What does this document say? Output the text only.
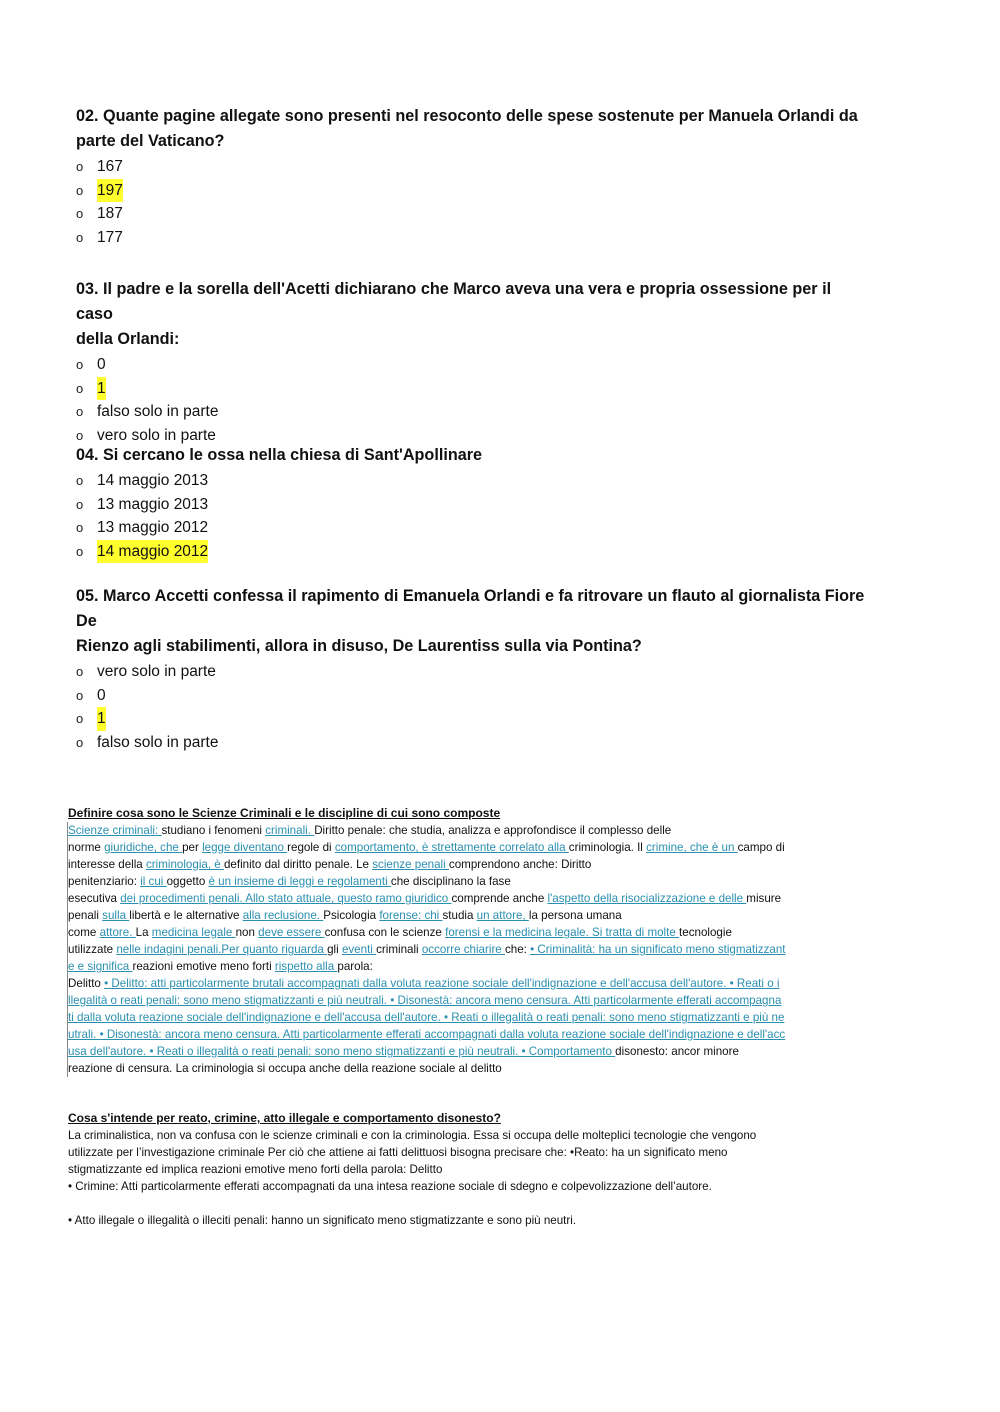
02. Quante pagine allegate sono presenti nel resoconto delle spese sostenute per Manuela Orlandi da
parte del Vaticano?

o 167
o 197
o 187
o 177

03. Il padre e la sorella dell'Acetti dichiarano che Marco aveva una vera e propria ossessione per il caso
della Orlandi:

o 0
o 1
o falso solo in parte
o vero solo in parte

04. Si cercano le ossa nella chiesa di Sant'Apollinare

o 14 maggio 2013
o 13 maggio 2013
o 13 maggio 2012
o 14 maggio 2012

05. Marco Accetti confessa il rapimento di Emanuela Orlandi e fa ritrovare un flauto al giornalista Fiore De
Rienzo agli stabilimenti, allora in disuso, De Laurentiss sulla via Pontina?

o vero solo in parte
o 0
o 1
o falso solo in parte

Definire cosa sono le Scienze Criminali e le discipline di cui sono composte

Scienze criminali: studiano i fenomeni criminali. Diritto penale: che studia, analizza e approfondisce il complesso delle
norme giuridiche, che per legge diventano regole di comportamento, è strettamente correlato alla criminologia. Il crimine, che è un campo di
interesse della criminologia, è definito dal diritto penale. Le scienze penali comprendono anche: Diritto
penitenziario: il cui oggetto è un insieme di leggi e regolamenti che disciplinano la fase
esecutiva dei procedimenti penali. Allo stato attuale, questo ramo giuridico comprende anche l'aspetto della risocializzazione e delle misure
penali sulla libertà e le alternative alla reclusione. Psicologia forense: chi studia un attore, la persona umana
come attore. La medicina legale non deve essere confusa con le scienze forensi e la medicina legale. Si tratta di molte tecnologie
utilizzate nelle indagini penali.Per quanto riguarda gli eventi criminali occorre chiarire che: • Criminalità: ha un significato meno stigmatizzant
e e significa reazioni emotive meno forti rispetto alla parola:
Delitto • Delitto: atti particolarmente brutali accompagnati dalla voluta reazione sociale dell'indignazione e dell'accusa dell'autore. • Reati o i
llegalità o reati penali: sono meno stigmatizzanti e più neutrali. • Disonestà: ancora meno censura. Atti particolarmente efferati accompagna
ti dalla voluta reazione sociale dell'indignazione e dell'accusa dell'autore. • Reati o illegalità o reati penali: sono meno stigmatizzanti e più ne
utrali. • Disonestà: ancora meno censura. Atti particolarmente efferati accompagnati dalla voluta reazione sociale dell'indignazione e dell'acc
usa dell'autore. • Reati o illegalità o reati penali: sono meno stigmatizzanti e più neutrali. • Comportamento disonesto: ancor minore
reazione di censura. La criminologia si occupa anche della reazione sociale al delitto

Cosa s'intende per reato, crimine, atto illegale e comportamento disonesto?

La criminalistica, non va confusa con le scienze criminali e con la criminologia. Essa si occupa delle molteplici tecnologie che vengono
utilizzate per l’investigazione criminale Per ciò che attiene ai fatti delittuosi bisogna precisare che: •Reato: ha un significato meno
stigmatizzante ed implica reazioni emotive meno forti della parola: Delitto
• Crimine: Atti particolarmente efferati accompagnati da una intesa reazione sociale di sdegno e colpevolizzazione dell’autore.
• Atto illegale o illegalità o illeciti penali: hanno un significato meno stigmatizzante e sono più neutri.
